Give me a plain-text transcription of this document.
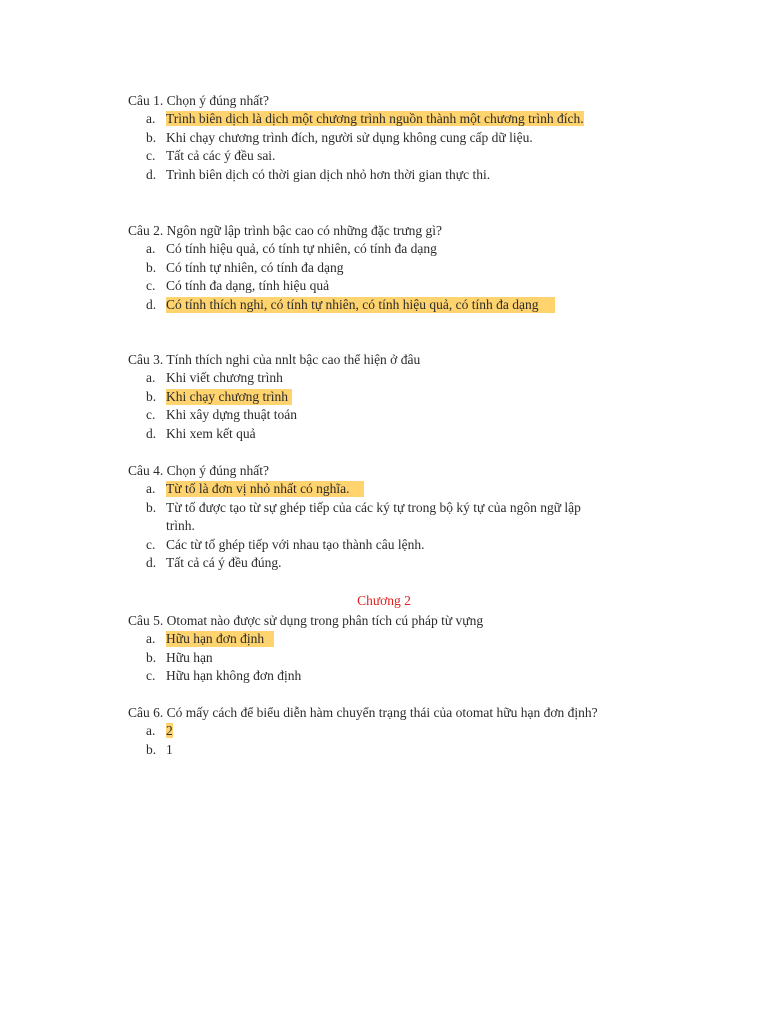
Câu 1. Chọn ý đúng nhất?

a. Trình biên dịch là dịch một chương trình nguồn thành một chương trình đích.
b. Khi chạy chương trình đích, người sử dụng không cung cấp dữ liệu.
c. Tất cả các ý đều sai.
d. Trình biên dịch có thời gian dịch nhỏ hơn thời gian thực thi.

Câu 2. Ngôn ngữ lập trình bậc cao có những đặc trưng gì?

a. Có tính hiệu quả, có tính tự nhiên, có tính đa dạng
b. Có tính tự nhiên, có tính đa dạng
c. Có tính đa dạng, tính hiệu quả
d. Có tính thích nghi, có tính tự nhiên, có tính hiệu quả, có tính đa dạng

Câu 3. Tính thích nghi của nnlt bậc cao thể hiện ở đâu

a. Khi viết chương trình
b. Khi chạy chương trình
c. Khi xây dựng thuật toán
d. Khi xem kết quả

Câu 4. Chọn ý đúng nhất?

a. Từ tố là đơn vị nhỏ nhất có nghĩa.
b. Từ tố được tạo từ sự ghép tiếp của các ký tự trong bộ ký tự của ngôn ngữ lập trình.
c. Các từ tố ghép tiếp với nhau tạo thành câu lệnh.
d. Tất cả cá ý đều đúng.
Chương 2

Câu 5. Otomat nào được sử dụng trong phân tích cú pháp từ vựng

a. Hữu hạn đơn định
b. Hữu hạn
c. Hữu hạn không đơn định

Câu 6. Có mấy cách để biểu diễn hàm chuyển trạng thái của otomat hữu hạn đơn định?

a. 2
b. 1
